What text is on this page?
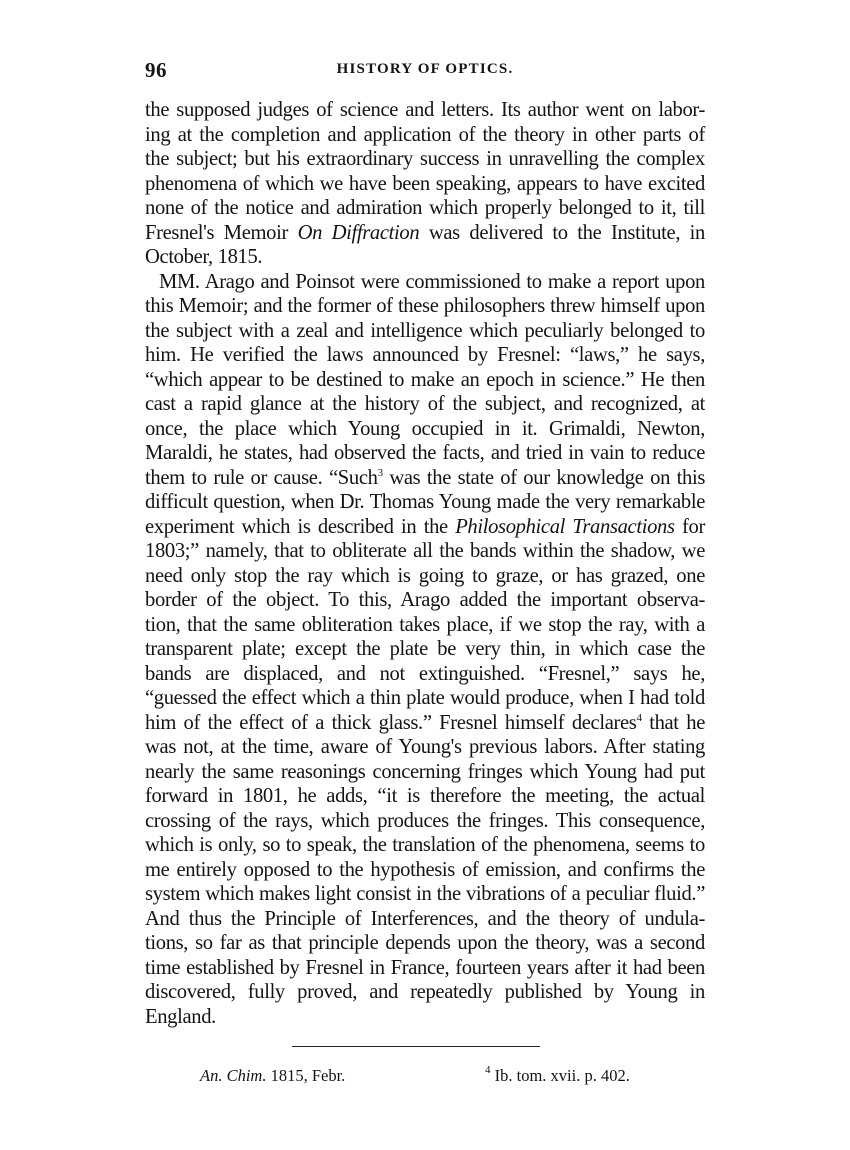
96	HISTORY OF OPTICS.
the supposed judges of science and letters. Its author went on labor-
ing at the completion and application of the theory in other parts of
the subject; but his extraordinary success in unravelling the complex
phenomena of which we have been speaking, appears to have excited
none of the notice and admiration which properly belonged to it, till
Fresnel's Memoir On Diffraction was delivered to the Institute, in
October, 1815.
MM. Arago and Poinsot were commissioned to make a report upon
this Memoir; and the former of these philosophers threw himself upon
the subject with a zeal and intelligence which peculiarly belonged to
him. He verified the laws announced by Fresnel: “laws,” he says,
“which appear to be destined to make an epoch in science.” He then
cast a rapid glance at the history of the subject, and recognized, at
once, the place which Young occupied in it. Grimaldi, Newton,
Maraldi, he states, had observed the facts, and tried in vain to reduce
them to rule or cause. “Such$^3$ was the state of our knowledge on this
difficult question, when Dr. Thomas Young made the very remarkable
experiment which is described in the Philosophical Transactions for
1803;” namely, that to obliterate all the bands within the shadow, we
need only stop the ray which is going to graze, or has grazed, one
border of the object. To this, Arago added the important observa-
tion, that the same obliteration takes place, if we stop the ray, with a
transparent plate; except the plate be very thin, in which case the
bands are displaced, and not extinguished. “Fresnel,” says he,
“guessed the effect which a thin plate would produce, when I had told
him of the effect of a thick glass.” Fresnel himself declares$^4$ that he
was not, at the time, aware of Young's previous labors. After stating
nearly the same reasonings concerning fringes which Young had put
forward in 1801, he adds, “it is therefore the meeting, the actual
crossing of the rays, which produces the fringes. This consequence,
which is only, so to speak, the translation of the phenomena, seems to
me entirely opposed to the hypothesis of emission, and confirms the
system which makes light consist in the vibrations of a peculiar fluid.”
And thus the Principle of Interferences, and the theory of undula-
tions, so far as that principle depends upon the theory, was a second
time established by Fresnel in France, fourteen years after it had been
discovered, fully proved, and repeatedly published by Young in
England.
An. Chim. 1815, Febr.	$^4$ Ib. tom. xvii. p. 402.
